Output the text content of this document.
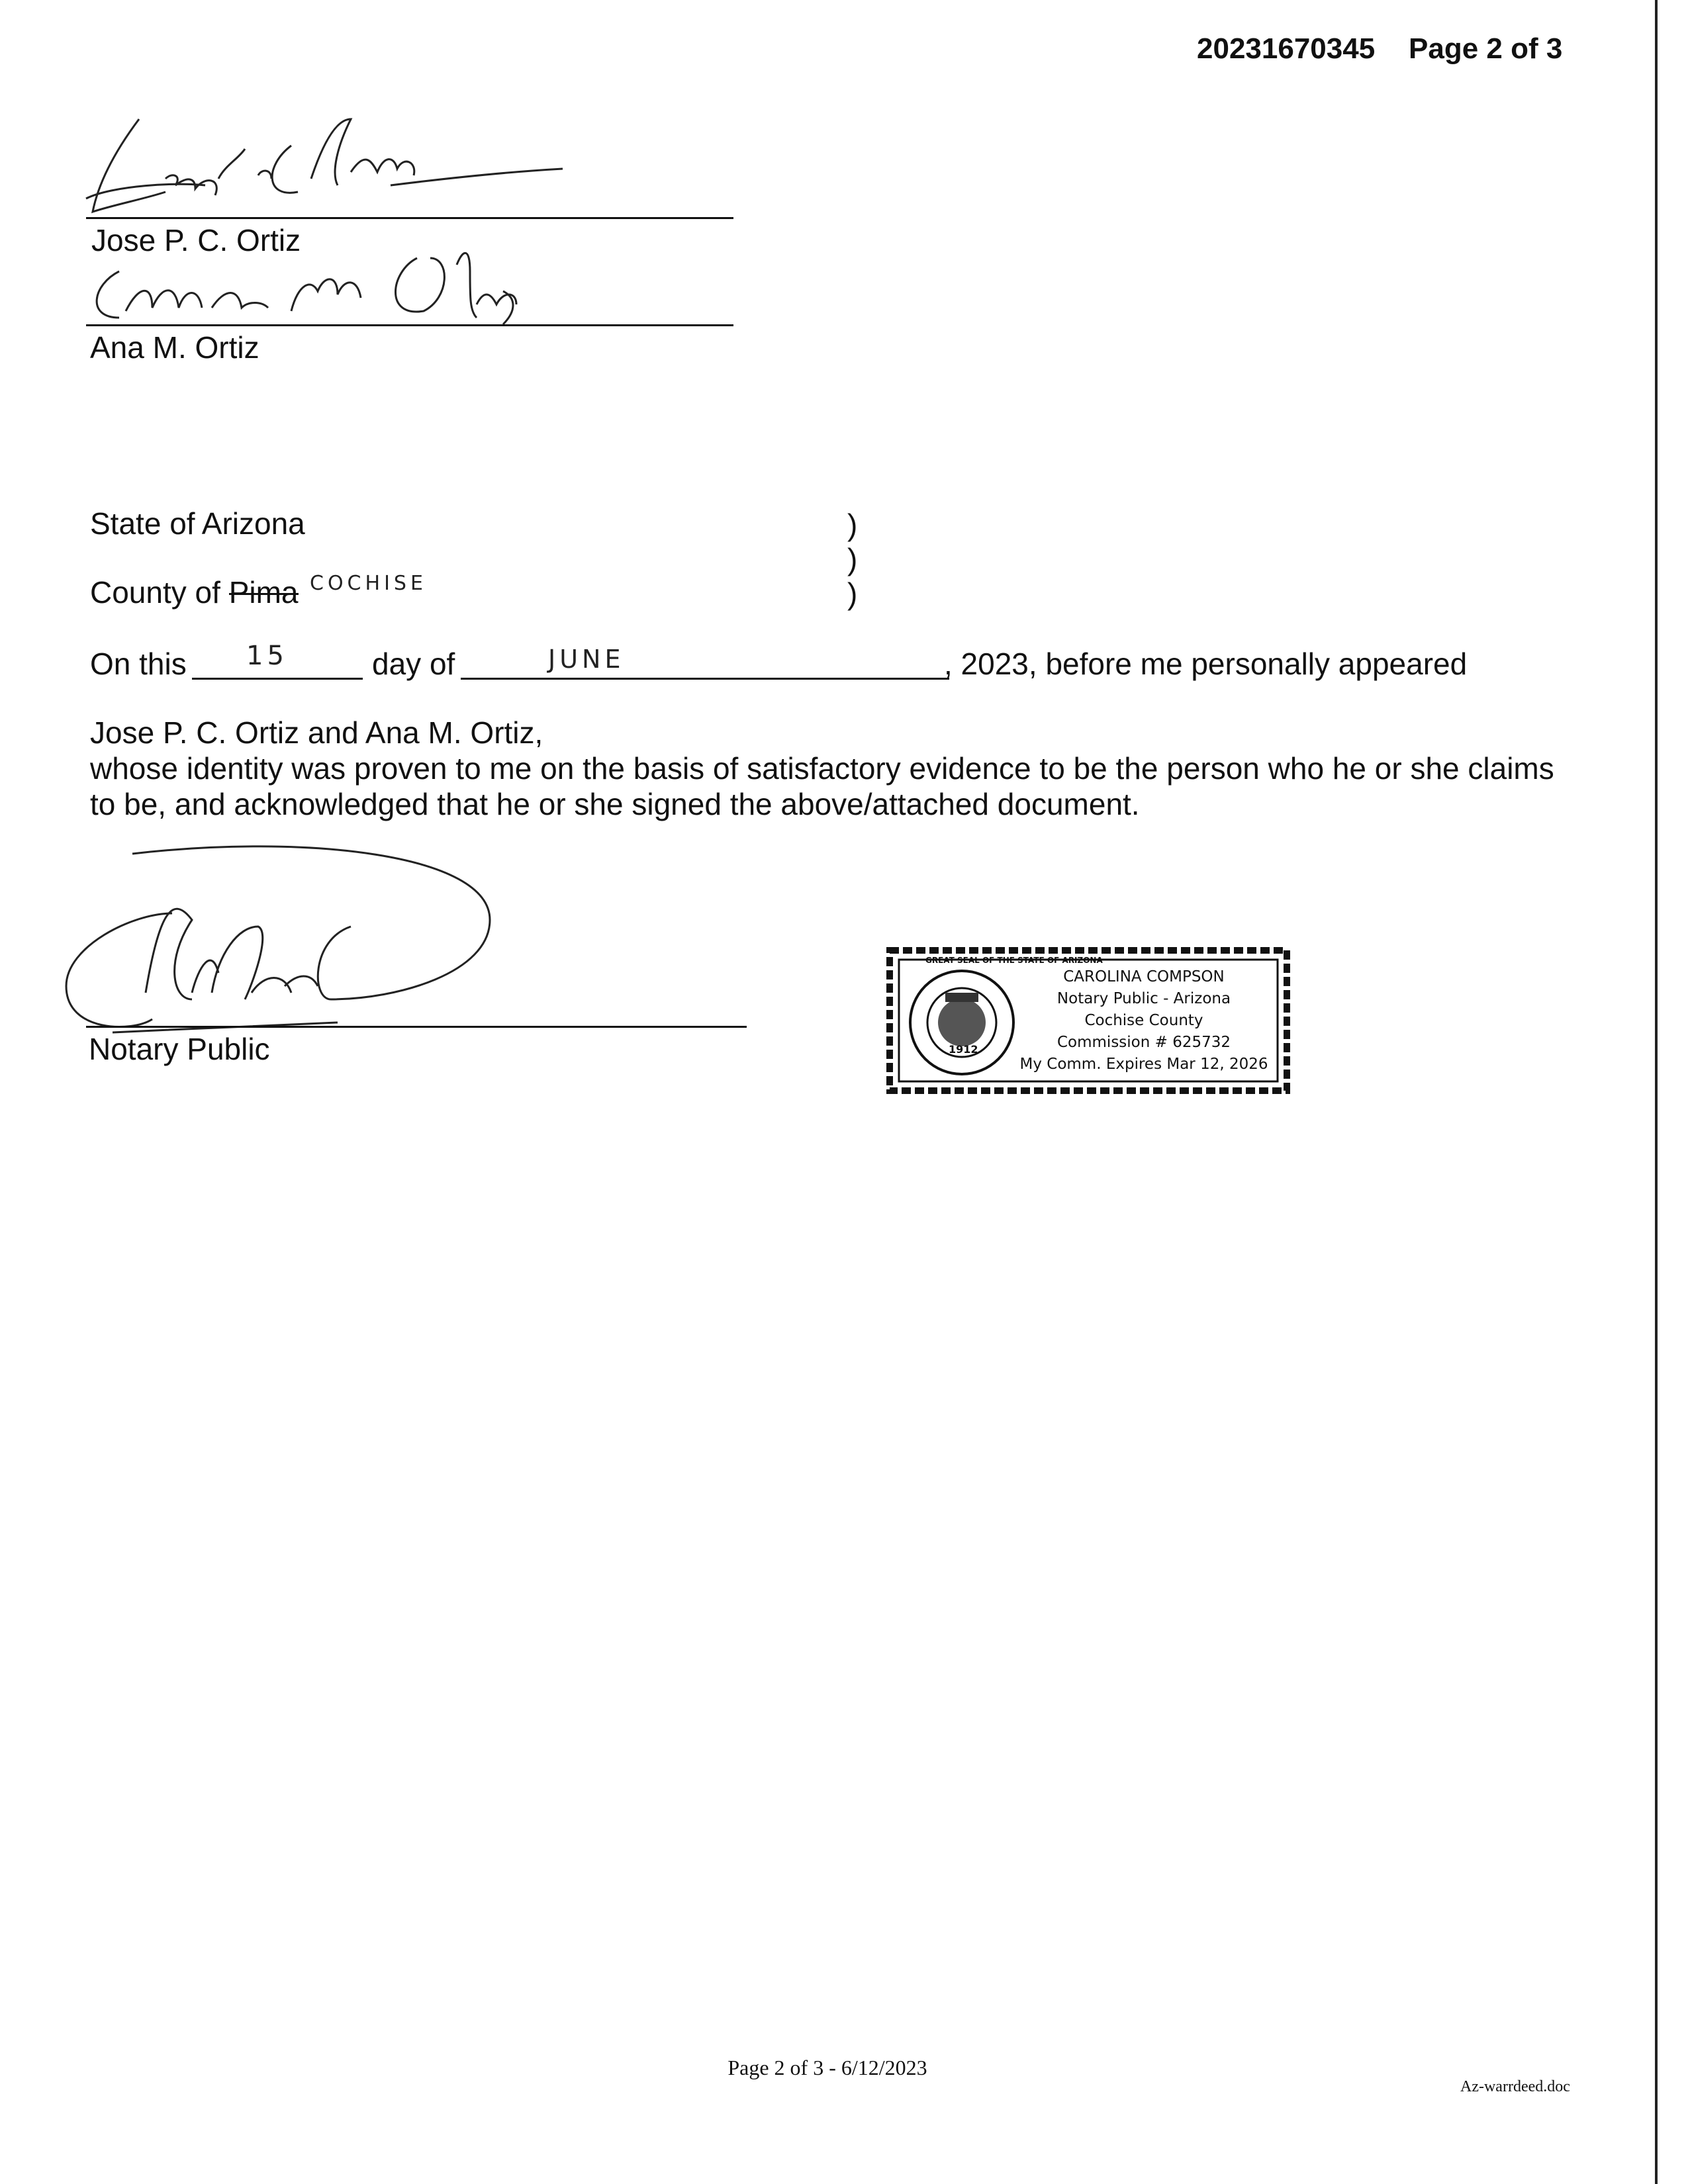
20231670345 Page 2 of 3
Jose P. C. Ortiz
Ana M. Ortiz
State of Arizona
County of Pima COCHISE
)
)
)
On this 15	day of	JUNE	, 2023, before me personally appeared
Jose P. C. Ortiz and Ana M. Ortiz,
whose identity was proven to me on the basis of satisfactory evidence to be the person who he or she claims
to be, and acknowledged that he or she signed the above/attached document.
Notary Public	1912
GREAT SEAL OF THE STATE OF ARIZONA
CAROLINA COMPSON
Notary Public - Arizona
Cochise County
Commission # 625732
My Comm. Expires Mar 12, 2026
Page 2 of 3 - 6/12/2023
Az-warrdeed.doc
